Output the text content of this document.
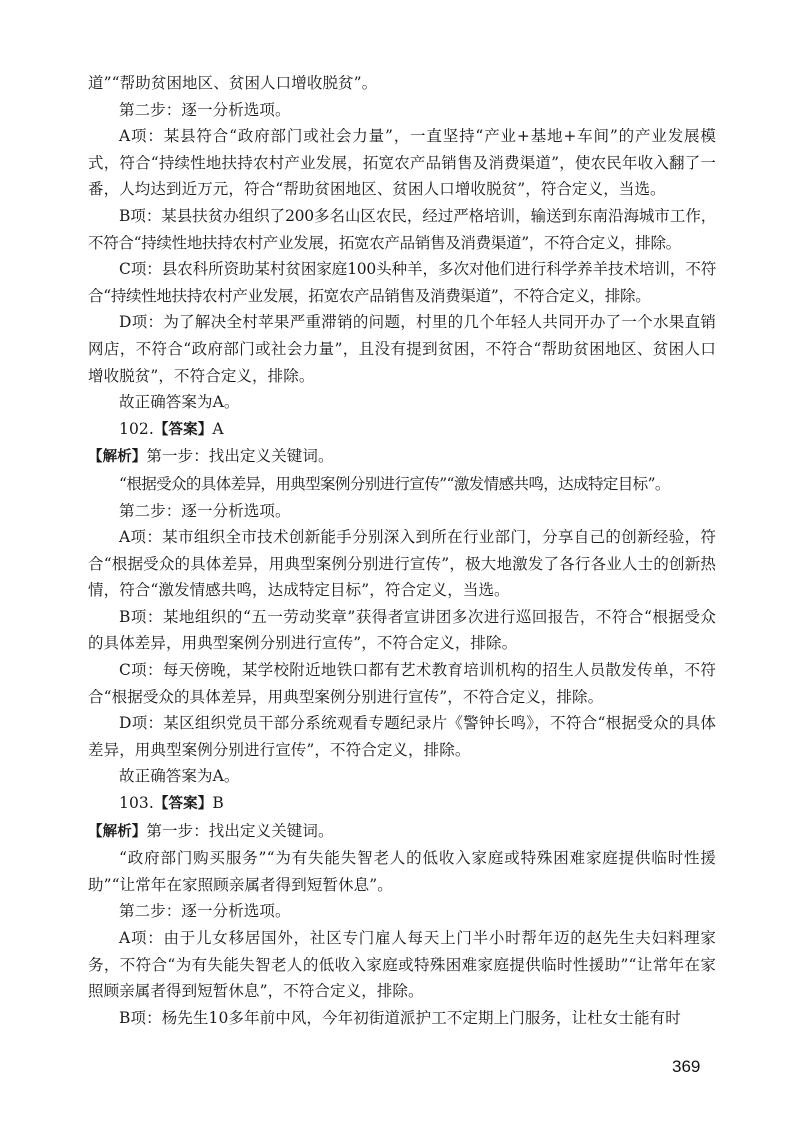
道”“帮助贫困地区、贫困人口增收脱贫”。

第二步：逐一分析选项。

A项：某县符合“政府部门或社会力量”，一直坚持“产业+基地+车间”的产业发展模式，符合“持续性地扶持农村产业发展，拓宽农产品销售及消费渠道”，使农民年收入翻了一番，人均达到近万元，符合“帮助贫困地区、贫困人口增收脱贫”，符合定义，当选。

B项：某县扶贫办组织了200多名山区农民，经过严格培训，输送到东南沿海城市工作，不符合“持续性地扶持农村产业发展，拓宽农产品销售及消费渠道”，不符合定义，排除。

C项：县农科所资助某村贫困家庭100头种羊，多次对他们进行科学养羊技术培训，不符合“持续性地扶持农村产业发展，拓宽农产品销售及消费渠道”，不符合定义，排除。

D项：为了解决全村苹果严重滞销的问题，村里的几个年轻人共同开办了一个水果直销网店，不符合“政府部门或社会力量”，且没有提到贫困，不符合“帮助贫困地区、贫困人口增收脱贫”，不符合定义，排除。

故正确答案为A。

102.【答案】A

【解析】第一步：找出定义关键词。

“根据受众的具体差异，用典型案例分别进行宣传”“激发情感共鸣，达成特定目标”。

第二步：逐一分析选项。

A项：某市组织全市技术创新能手分别深入到所在行业部门，分享自己的创新经验，符合“根据受众的具体差异，用典型案例分别进行宣传”，极大地激发了各行各业人士的创新热情，符合“激发情感共鸣，达成特定目标”，符合定义，当选。

B项：某地组织的“五一劳动奖章”获得者宣讲团多次进行巡回报告，不符合“根据受众的具体差异，用典型案例分别进行宣传”，不符合定义，排除。

C项：每天傍晚，某学校附近地铁口都有艺术教育培训机构的招生人员散发传单，不符合“根据受众的具体差异，用典型案例分别进行宣传”，不符合定义，排除。

D项：某区组织党员干部分系统观看专题纪录片《警钟长鸣》，不符合“根据受众的具体差异，用典型案例分别进行宣传”，不符合定义，排除。

故正确答案为A。

103.【答案】B

【解析】第一步：找出定义关键词。

“政府部门购买服务”“为有失能失智老人的低收入家庭或特殊困难家庭提供临时性援助”“让常年在家照顾亲属者得到短暂休息”。

第二步：逐一分析选项。

A项：由于儿女移居国外，社区专门雇人每天上门半小时帮年迈的赵先生夫妇料理家务，不符合“为有失能失智老人的低收入家庭或特殊困难家庭提供临时性援助”“让常年在家照顾亲属者得到短暂休息”，不符合定义，排除。

B项：杨先生10多年前中风，今年初街道派护工不定期上门服务，让杜女士能有时

369
